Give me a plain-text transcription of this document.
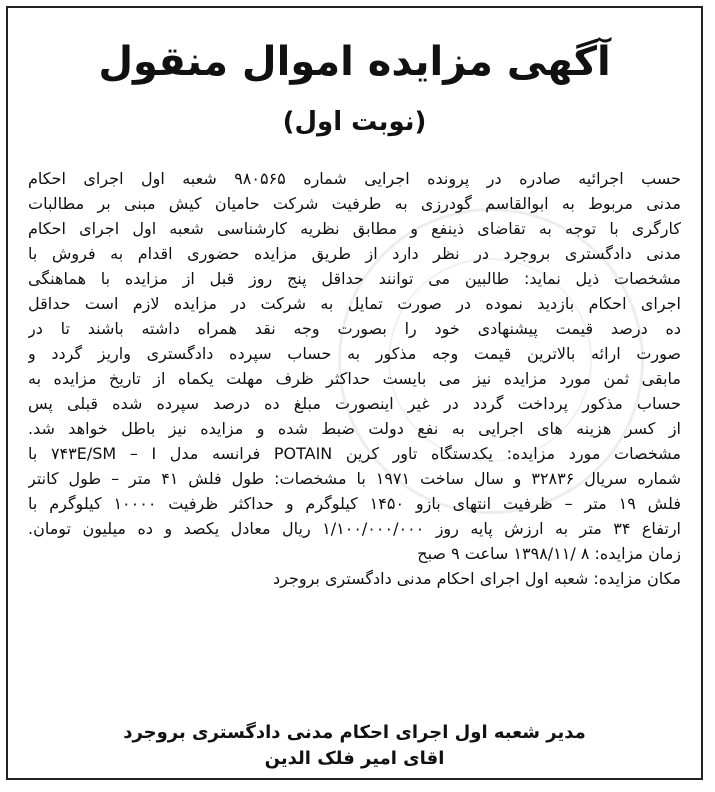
آگهی مزایده اموال منقول
(نوبت اول)
حسب اجرائیه صادره در پرونده اجرایی شماره ۹۸۰۵۶۵ شعبه اول اجرای احکام
مدنی مربوط به ابوالقاسم گودرزی به طرفیت شرکت حامیان کیش مبنی بر مطالبات
کارگری با توجه به تقاضای ذینفع و مطابق نظریه کارشناسی شعبه اول اجرای احکام
مدنی دادگستری بروجرد در نظر دارد از طریق مزایده حضوری اقدام به فروش با
مشخصات ذیل نماید: طالبین می توانند حداقل پنج روز قبل از مزایده با هماهنگی
اجرای احکام بازدید نموده در صورت تمایل به شرکت در مزایده لازم است حداقل
ده درصد قیمت پیشنهادی خود را بصورت وجه نقد همراه داشته باشند تا در
صورت ارائه بالاترین قیمت وجه مذکور به حساب سپرده دادگستری واریز گردد و
مابقی ثمن مورد مزایده نیز می بایست حداکثر ظرف مهلت یکماه از تاریخ مزایده به
حساب مذکور پرداخت گردد در غیر اینصورت مبلغ ده درصد سپرده شده قبلی پس
از کسر هزینه های اجرایی به نفع دولت ضبط شده و مزایده نیز باطل خواهد شد.
مشخصات مورد مزایده: یکدستگاه تاور کرین POTAIN فرانسه مدل ۷۴۳E/SM – I با
شماره سریال ۳۲۸۳۶ و سال ساخت ۱۹۷۱ با مشخصات: طول فلش ۴۱ متر – طول کانتر
فلش ۱۹ متر – ظرفیت انتهای بازو ۱۴۵۰ کیلوگرم و حداکثر ظرفیت ۱۰۰۰۰ کیلوگرم با
ارتفاع ۳۴ متر به ارزش پایه روز ۱/۱۰۰/۰۰۰/۰۰۰ ریال معادل یکصد و ده میلیون تومان.
زمان مزایده: ۸ /۱۳۹۸/۱۱ ساعت ۹ صبح
مکان مزایده: شعبه اول اجرای احکام مدنی دادگستری بروجرد
مدیر شعبه اول اجرای احکام مدنی دادگستری بروجرد
اقای امیر فلک الدین
